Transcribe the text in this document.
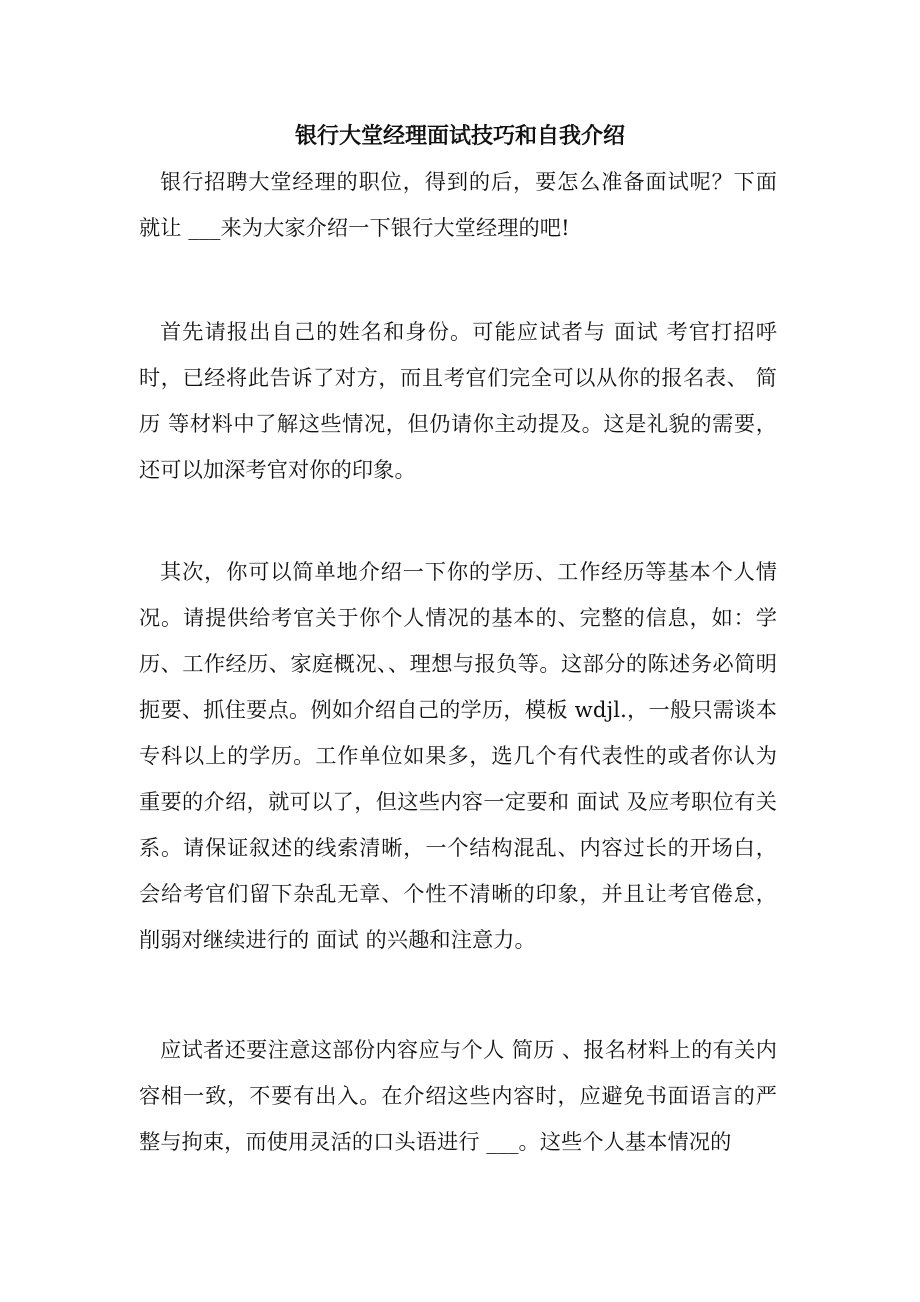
银行大堂经理面试技巧和自我介绍

银行招聘大堂经理的职位，得到的后，要怎么准备面试呢？下面就让 ___来为大家介绍一下银行大堂经理的吧!

首先请报出自己的姓名和身份。可能应试者与 面试 考官打招呼时，已经将此告诉了对方，而且考官们完全可以从你的报名表、 简历 等材料中了解这些情况，但仍请你主动提及。这是礼貌的需要，还可以加深考官对你的印象。

其次，你可以简单地介绍一下你的学历、工作经历等基本个人情况。请提供给考官关于你个人情况的基本的、完整的信息，如：学历、工作经历、家庭概况、、理想与报负等。这部分的陈述务必简明扼要、抓住要点。例如介绍自己的学历，模板 wdjl.，一般只需谈本专科以上的学历。工作单位如果多，选几个有代表性的或者你认为重要的介绍，就可以了，但这些内容一定要和 面试 及应考职位有关系。请保证叙述的线索清晰，一个结构混乱、内容过长的开场白，会给考官们留下杂乱无章、个性不清晰的印象，并且让考官倦怠，削弱对继续进行的 面试 的兴趣和注意力。

应试者还要注意这部份内容应与个人 简历 、报名材料上的有关内容相一致，不要有出入。在介绍这些内容时，应避免书面语言的严整与拘束，而使用灵活的口头语进行 ___。这些个人基本情况的
